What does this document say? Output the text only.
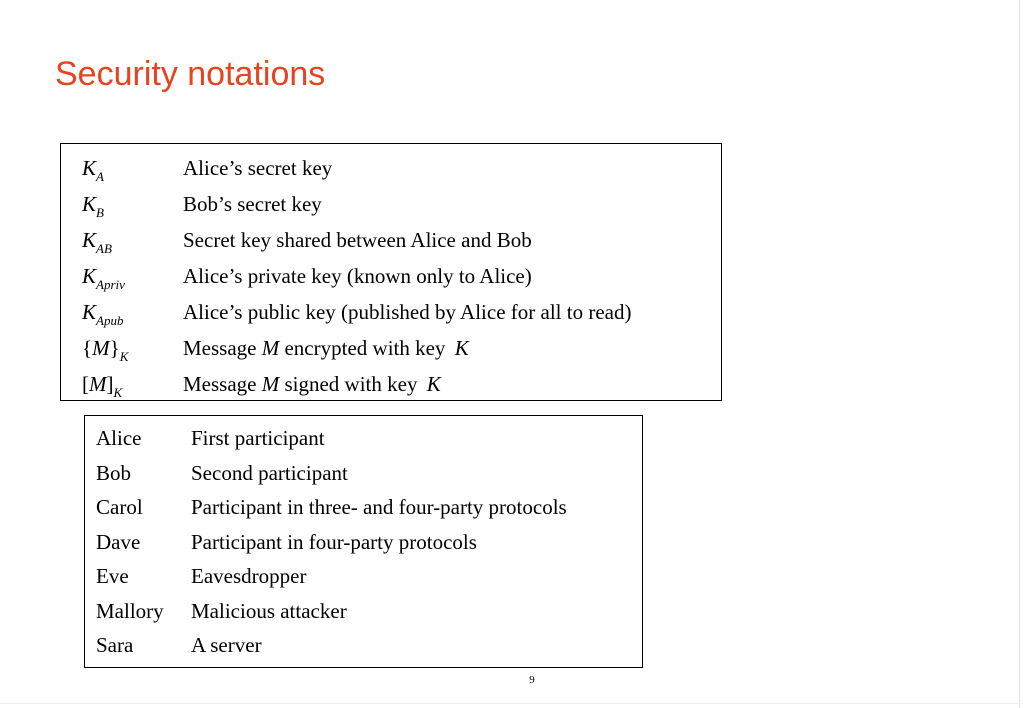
Security notations
$K_A$	Alice’s secret key
$K_B$	Bob’s secret key
$K_{AB}$	Secret key shared between Alice and Bob
$K_{Apriv}$	Alice’s private key (known only to Alice)
$K_{Apub}$	Alice’s public key (published by Alice for all to read)
$\{M\}_K$	Message M encrypted with key K
$[M]_K$	Message M signed with key K
Alice First participant
Bob	Second participant
Carol Participant in three- and four-party protocols
Dave Participant in four-party protocols
Eve	Eavesdropper
Mallory Malicious attacker
Sara	A server
9
